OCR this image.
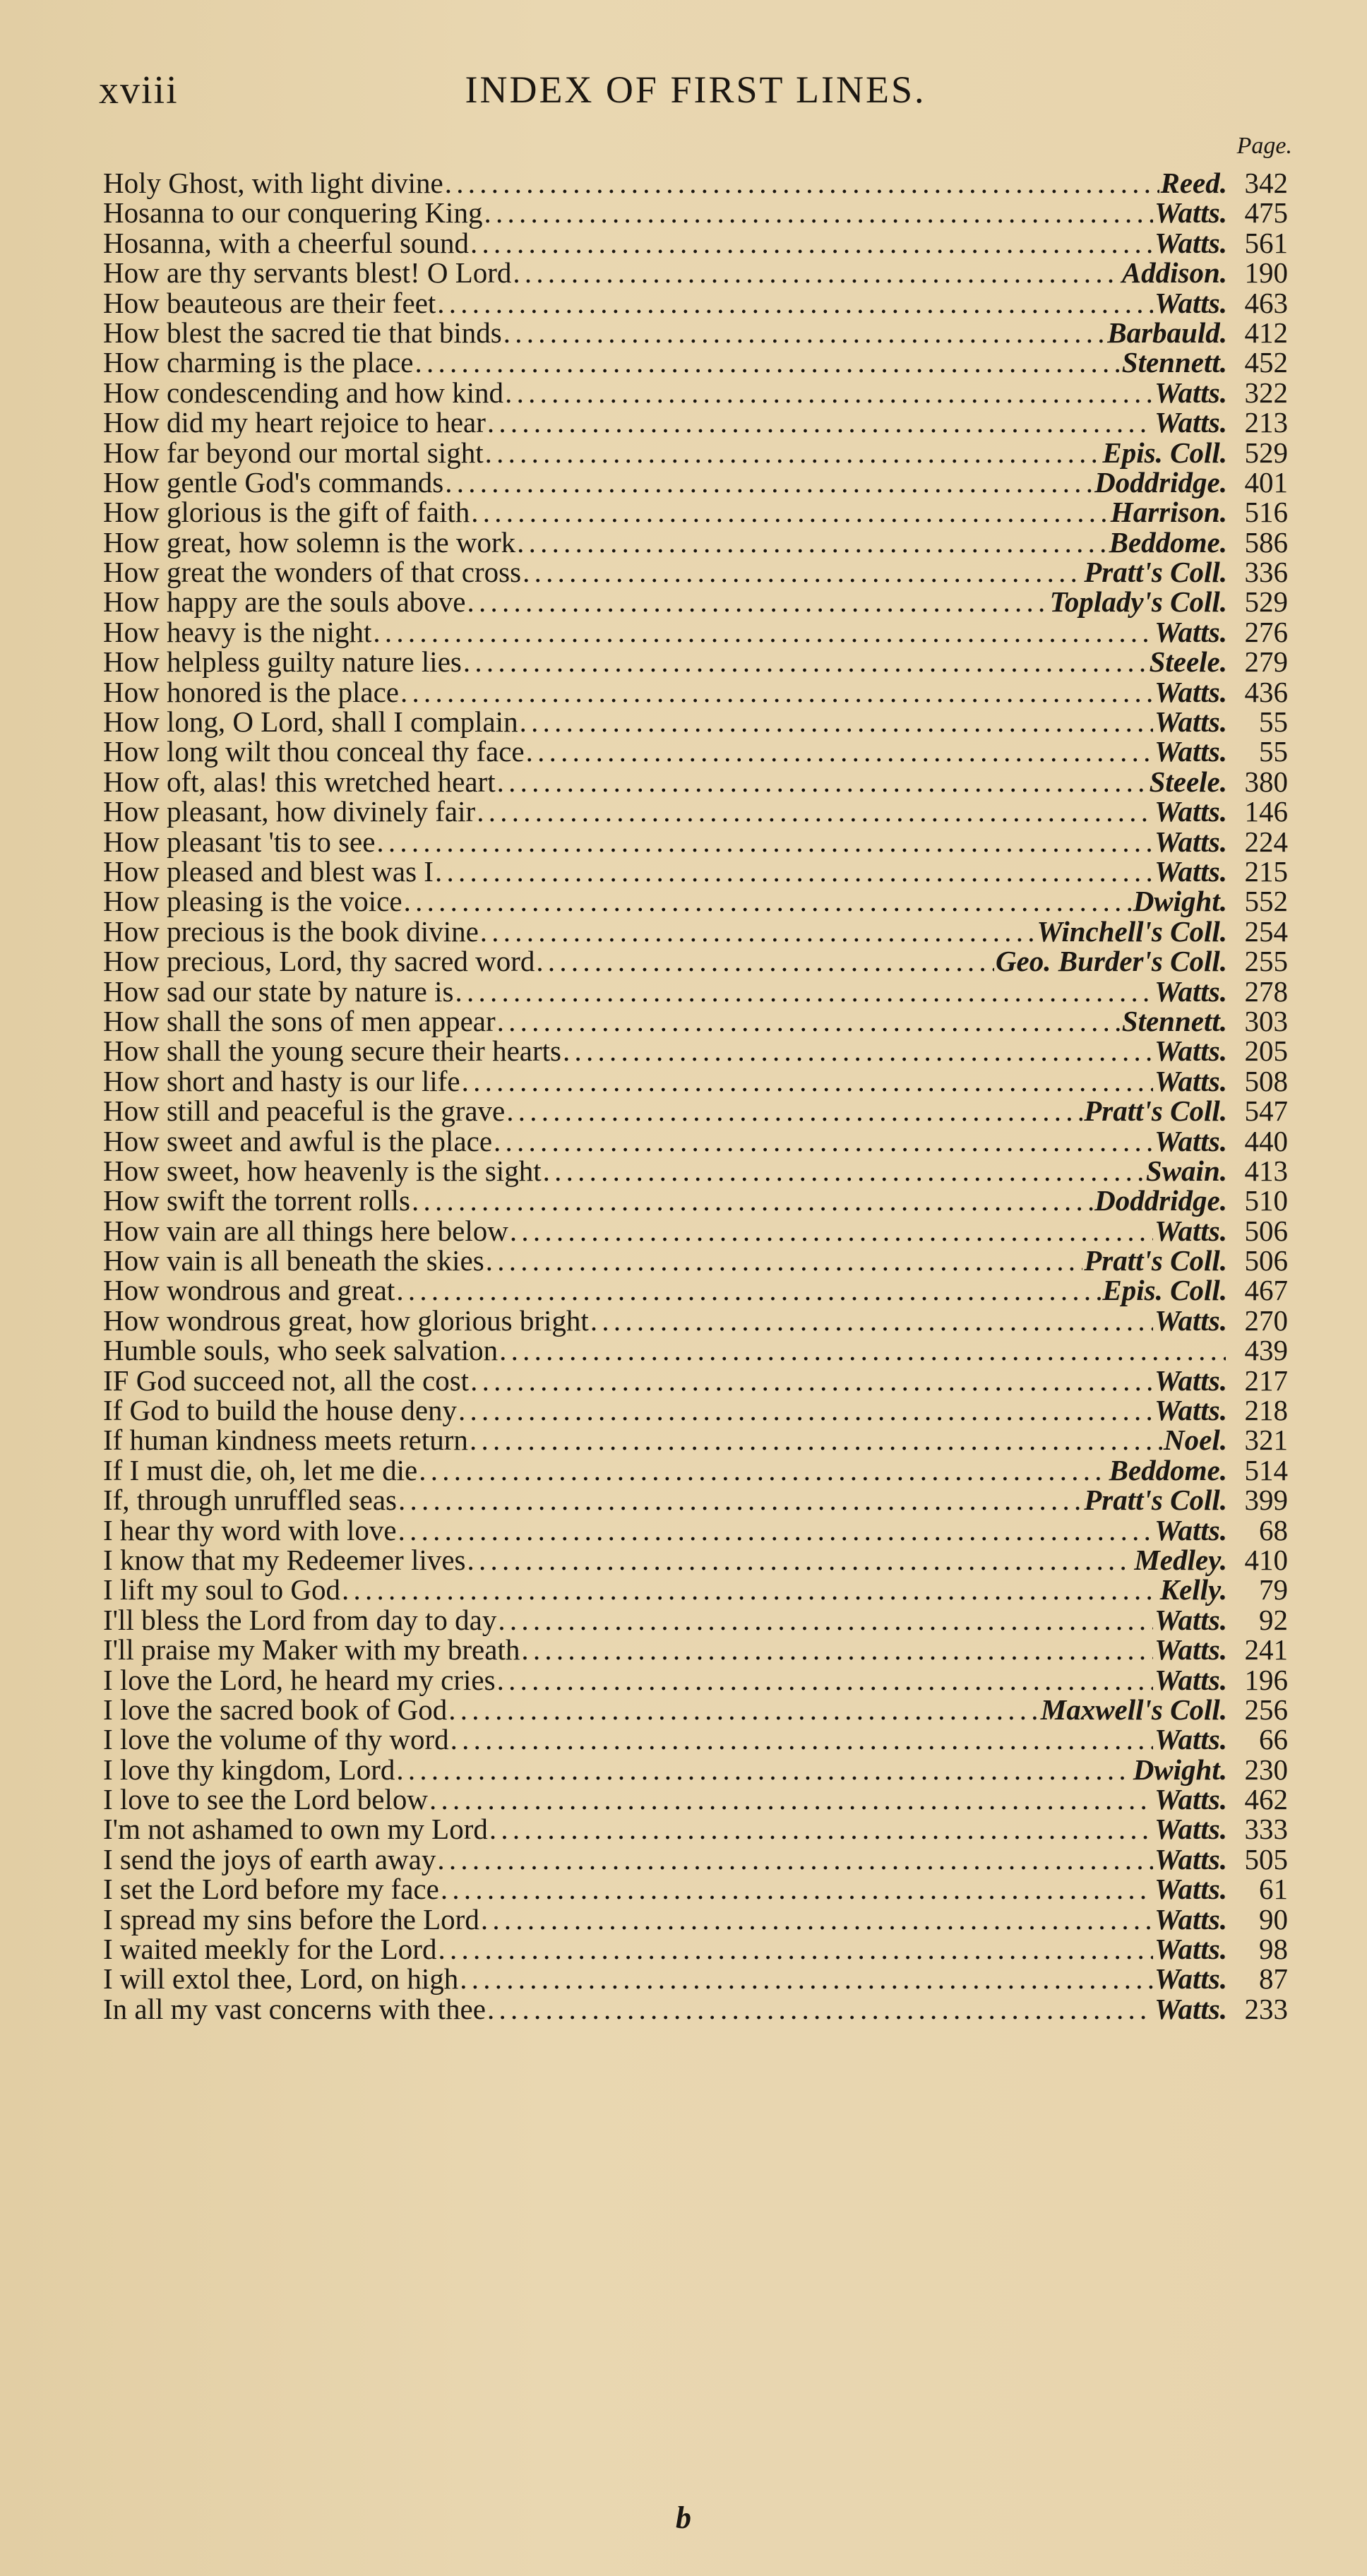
xviii	INDEX OF FIRST LINES.
Page.
Holy Ghost, with light divine . . .	Reed. 342
Hosanna to our conquering King . . .	Watts. 475
Hosanna, with a cheerful sound . . .	Watts. 561
How are thy servants blest! O Lord . . .	Addison. 190
How beauteous are their feet . . .	Watts. 463
How blest the sacred tie that binds . . .	Barbauld. 412
How charming is the place . . .	Stennett. 452
How condescending and how kind . . .	Watts. 322
How did my heart rejoice to hear . . .	Watts. 213
How far beyond our mortal sight . . .	Epis. Coll. 529
How gentle God's commands . . .	Doddridge. 401
How glorious is the gift of faith . . .	Harrison. 516
How great, how solemn is the work . . .	Beddome. 586
How great the wonders of that cross . . .	Pratt's Coll. 336
How happy are the souls above . . .	Toplady's Coll. 529
How heavy is the night . . .	Watts. 276
How helpless guilty nature lies . . .	Steele. 279
How honored is the place . . .	Watts. 436
How long, O Lord, shall I complain . . .	Watts.	55
How long wilt thou conceal thy face . . .	Watts.	55
How oft, alas! this wretched heart . . .	Steele. 380
How pleasant, how divinely fair . . .	Watts. 146
How pleasant 'tis to see . . .	Watts. 224
How pleased and blest was I . . .	Watts. 215
How pleasing is the voice . . .	Dwight. 552
How precious is the book divine . . .	Winchell's Coll. 254
How precious, Lord, thy sacred word . . .	Geo. Burder's Coll. 255
How sad our state by nature is . . .	Watts. 278
How shall the sons of men appear . . .	Stennett. 303
How shall the young secure their hearts . . .	Watts. 205
How short and hasty is our life . . .	Watts. 508
How still and peaceful is the grave . . .	Pratt's Coll. 547
How sweet and awful is the place . . .	Watts. 440
How sweet, how heavenly is the sight . . .	Swain. 413
How swift the torrent rolls . . .	Doddridge. 510
How vain are all things here below . . .	Watts. 506
How vain is all beneath the skies . . .	Pratt's Coll. 506
How wondrous and great . . .	Epis. Coll. 467
How wondrous great, how glorious bright . . .	Watts. 270
Humble souls, who seek salvation . . .	439
IF God succeed not, all the cost . . .	Watts. 217
If God to build the house deny . . .	Watts. 218
If human kindness meets return . . .	Noel. 321
If I must die, oh, let me die . . .	Beddome. 514
If, through unruffled seas . . .	Pratt's Coll. 399
I hear thy word with love . . .	Watts.	68
I know that my Redeemer lives . . .	Medley. 410
I lift my soul to God . . .	Kelly.	79
I'll bless the Lord from day to day . . .	Watts.	92
I'll praise my Maker with my breath . . .	Watts. 241
I love the Lord, he heard my cries . . .	Watts. 196
I love the sacred book of God . . .	Maxwell's Coll. 256
I love the volume of thy word . . .	Watts.	66
I love thy kingdom, Lord . . .	Dwight. 230
I love to see the Lord below . . .	Watts. 462
I'm not ashamed to own my Lord . . .	Watts. 333
I send the joys of earth away . . .	Watts. 505
I set the Lord before my face . . .	Watts.	61
I spread my sins before the Lord . . .	Watts.	90
I waited meekly for the Lord . . .	Watts.	98
I will extol thee, Lord, on high . . .	Watts.	87
In all my vast concerns with thee . . .	Watts. 233
b
